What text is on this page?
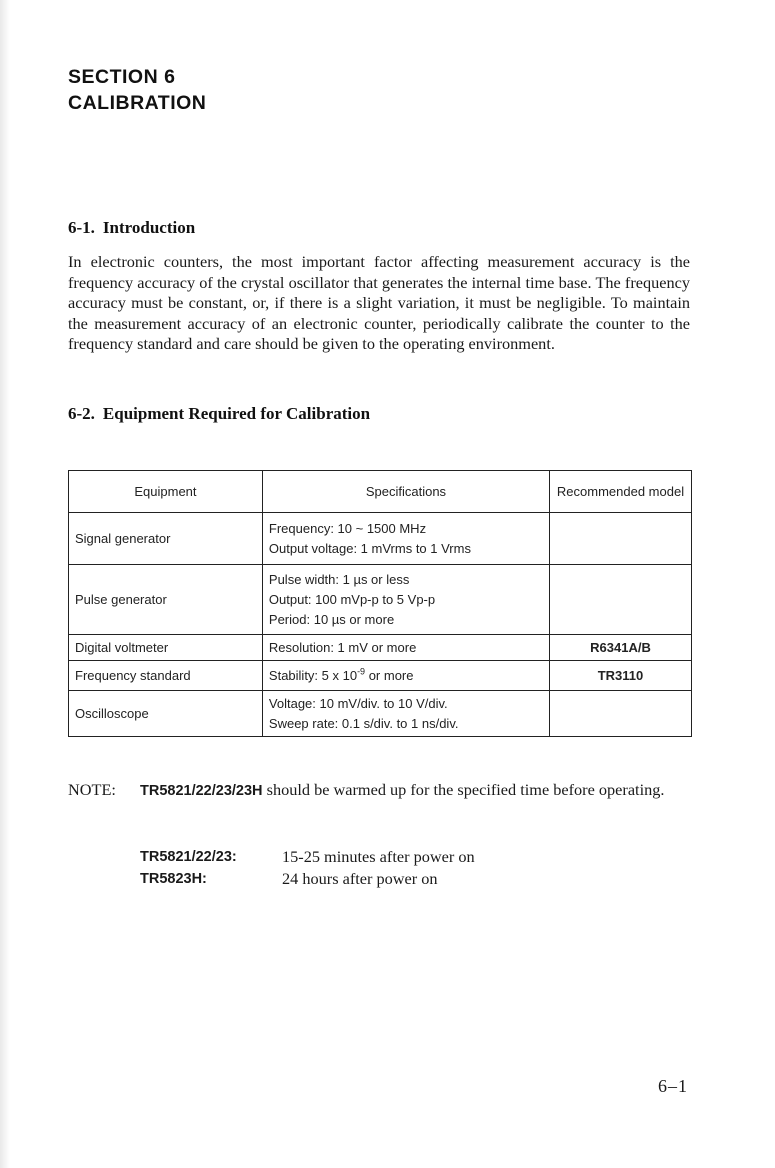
SECTION 6
CALIBRATION
6-1. Introduction
In electronic counters, the most important factor affecting measurement accuracy is the frequency accuracy of the crystal oscillator that generates the internal time base. The frequency accuracy must be constant, or, if there is a slight variation, it must be negligible. To maintain the measurement accuracy of an electronic counter, periodically calibrate the counter to the frequency standard and care should be given to the operating environment.
6-2. Equipment Required for Calibration
Equipment	Specifications	Recommended model
Signal generator	Frequency: 10 ~ 1500 MHz
Output voltage: 1 mVrms to 1 Vrms	

Pulse generator	Pulse width: 1 µs or less
Output: 100 mVp-p to 5 Vp-p
Period: 10 µs or more	

Digital voltmeter	Resolution: 1 mV or more	R6341A/B
Frequency standard	Stability: 5 x $10^{-9}$ or more	TR3110
Oscilloscope	Voltage: 10 mV/div. to 10 V/div.
Sweep rate: 0.1 s/div. to 1 ns/div.	

NOTE: TR5821/22/23/23H should be warmed up for the specified time before operating.
TR5821/22/23:	15-25 minutes after power on
TR5823H:	24 hours after power on
6–1
